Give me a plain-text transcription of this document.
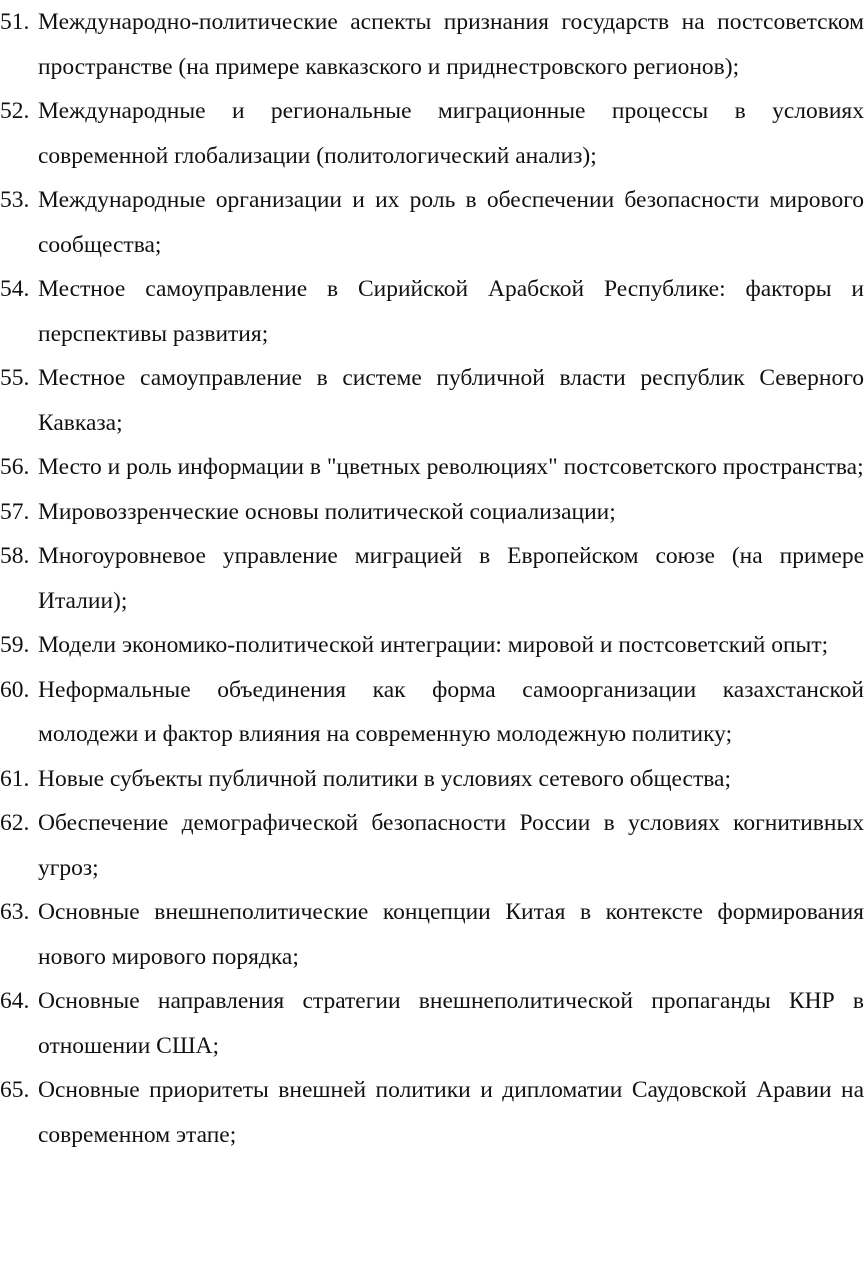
51. Международно-политические аспекты признания государств на постсоветском пространстве (на примере кавказского и приднестровского регионов);
52. Международные и региональные миграционные процессы в условиях современной глобализации (политологический анализ);
53. Международные организации и их роль в обеспечении безопасности мирового сообщества;
54. Местное самоуправление в Сирийской Арабской Республике: факторы и перспективы развития;
55. Местное самоуправление в системе публичной власти республик Северного Кавказа;
56. Место и роль информации в "цветных революциях" постсоветского пространства;
57. Мировоззренческие основы политической социализации;
58. Многоуровневое управление миграцией в Европейском союзе (на примере Италии);
59. Модели экономико-политической интеграции: мировой и постсоветский опыт;
60. Неформальные объединения как форма самоорганизации казахстанской молодежи и фактор влияния на современную молодежную политику;
61. Новые субъекты публичной политики в условиях сетевого общества;
62. Обеспечение демографической безопасности России в условиях когнитивных угроз;
63. Основные внешнеполитические концепции Китая в контексте формирования нового мирового порядка;
64. Основные направления стратегии внешнеполитической пропаганды КНР в отношении США;
65. Основные приоритеты внешней политики и дипломатии Саудовской Аравии на современном этапе;
